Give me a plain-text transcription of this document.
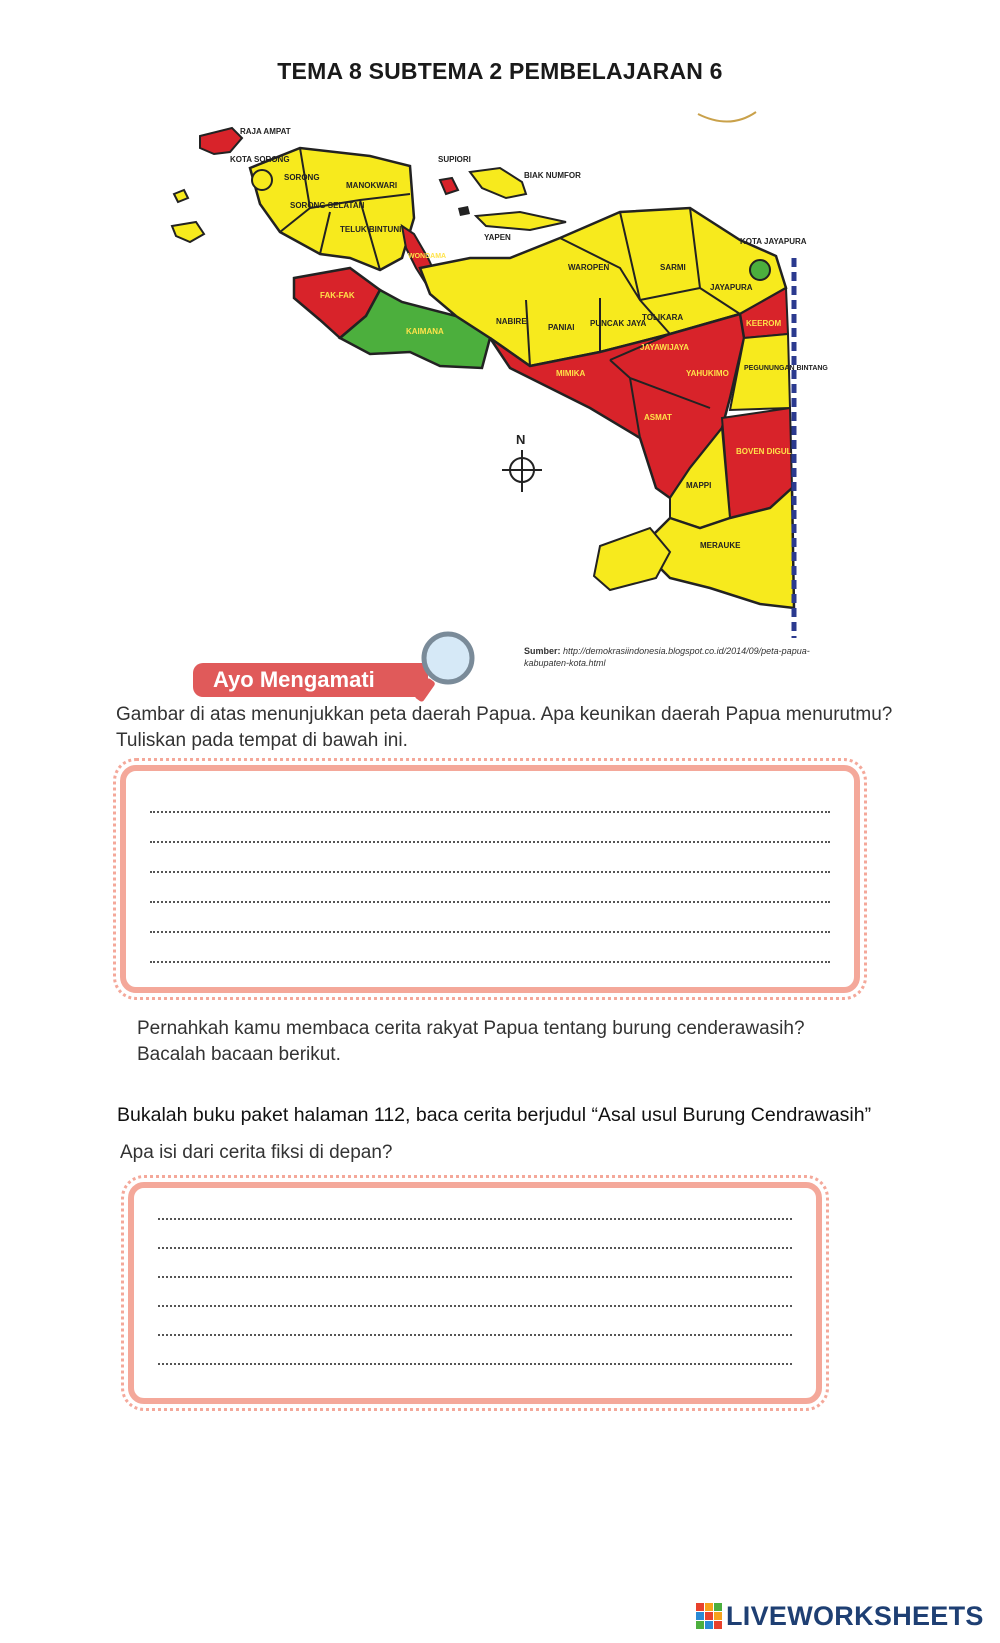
TEMA 8 SUBTEMA 2 PEMBELAJARAN 6
N
RAJA AMPAT
KOTA SORONG
SORONG
MANOKWARI
SUPIORI
BIAK NUMFOR
SORONG SELATAN
TELUK BINTUNI
YAPEN
WONDAMA
WAROPEN	SARMI
KOTA JAYAPURA
JAYAPURA
FAK-FAK
KAIMANA
NABIRE
PANIAI PUNCAK JAYA
TOLIKARA
KEEROM
JAYAWIJAYA
MIMIKA	YAHUKIMO
PEGUNUNGAN BINTANG
ASMAT
BOVEN DIGUL
MAPPI
MERAUKE
Sumber: http://demokrasiindonesia.blogspot.co.id/2014/09/peta-papua-kabupaten-kota.html
Ayo Mengamati
Gambar di atas menunjukkan peta daerah Papua. Apa keunikan daerah Papua menurutmu? Tuliskan pada tempat di bawah ini.
Pernahkah kamu membaca cerita rakyat Papua tentang burung cenderawasih? Bacalah bacaan berikut.
Bukalah buku paket halaman 112, baca cerita berjudul “Asal usul Burung Cendrawasih”
Apa isi dari cerita fiksi di depan?
LIVEWORKSHEETS
